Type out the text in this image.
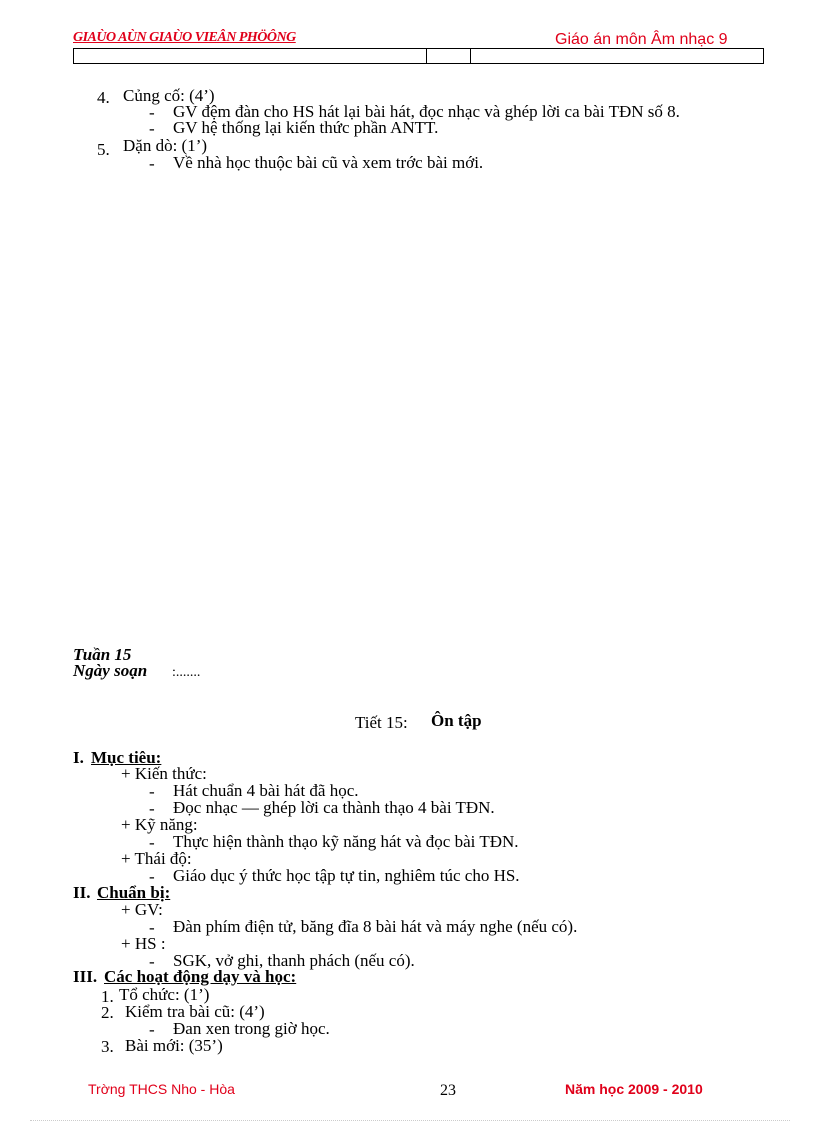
GIAÙO AÙN GIAÙO VIEÂN PHÖÔNG	Giáo án môn Âm nhạc 9
4. Củng cố: (4’)
- GV đệm đàn cho HS hát lại bài hát, đọc nhạc và ghép lời ca bài TĐN số 8.
- GV hệ thống lại kiến thức phần ANTT.
5. Dặn dò: (1’)
- Về nhà học thuộc bài cũ và xem trớc bài mới.
Tuần 15
Ngày soạn :.......
Tiết 15: Ôn tập
I. Mục tiêu:
+ Kiến thức:
- Hát chuẩn 4 bài hát đã học.
- Đọc nhạc — ghép lời ca thành thạo 4 bài TĐN.
+ Kỹ năng:
- Thực hiện thành thạo kỹ năng hát và đọc bài TĐN.
+ Thái độ:
- Giáo dục ý thức học tập tự tin, nghiêm túc cho HS.
II. Chuẩn bị:
+ GV:
- Đàn phím điện tử, băng đĩa 8 bài hát và máy nghe (nếu có).
+ HS :
- SGK, vở ghi, thanh phách (nếu có).
III. Các hoạt động dạy và học:
1. Tổ chức: (1’)
2. Kiểm tra bài cũ: (4’)
- Đan xen trong giờ học.
3. Bài mới: (35’)
Trờng THCS Nho - Hòa	23	Năm học 2009 - 2010
